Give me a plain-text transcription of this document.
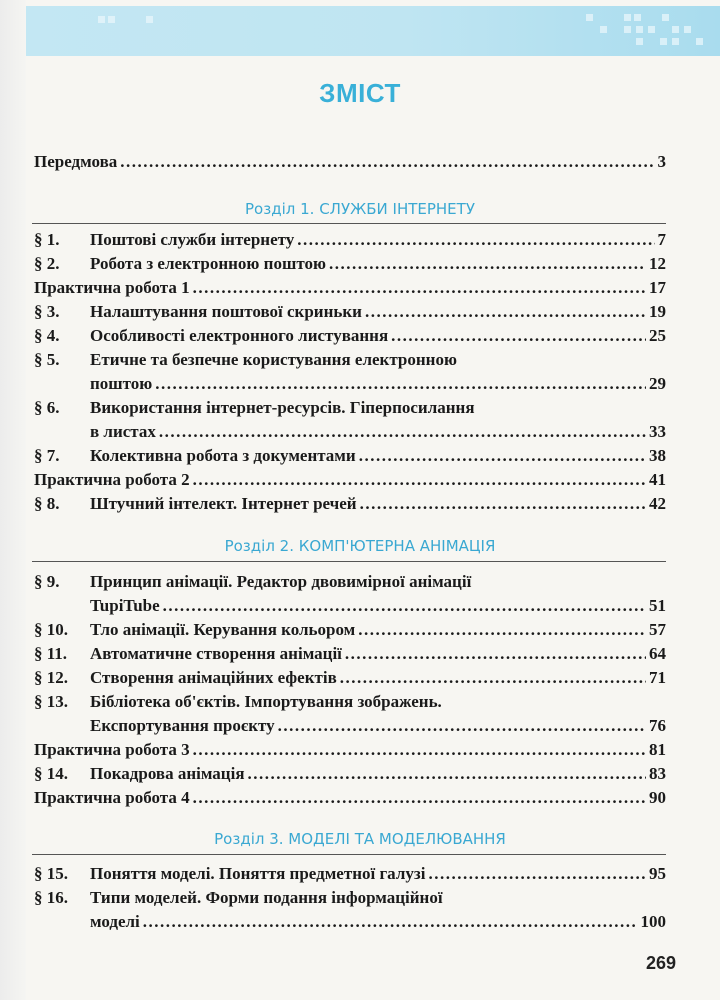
ЗМІСТ
Передмова .....	3
Розділ 1. СЛУЖБИ ІНТЕРНЕТУ
§ 1. Поштові служби інтернету .....	7
§ 2. Робота з електронною поштою .....	12
Практична робота 1 .....	17
§ 3. Налаштування поштової скриньки .....	19
§ 4. Особливості електронного листування .....	25
§ 5. Етичне та безпечне користування електронною
поштою .....	29
§ 6. Використання інтернет-ресурсів. Гіперпосилання
в листах .....	33
§ 7. Колективна робота з документами .....	38
Практична робота 2 .....	41
§ 8. Штучний інтелект. Інтернет речей .....	42
Розділ 2. КОМП'ЮТЕРНА АНІМАЦІЯ
§ 9. Принцип анімації. Редактор двовимірної анімації
TupiTube .....	51
§ 10. Тло анімації. Керування кольором .....	57
§ 11. Автоматичне створення анімації .....	64
§ 12. Створення анімаційних ефектів .....	71
§ 13. Бібліотека об'єктів. Імпортування зображень.
Експортування проєкту .....	76
Практична робота 3 .....	81
§ 14. Покадрова анімація .....	83
Практична робота 4 .....	90
Розділ 3. МОДЕЛІ ТА МОДЕЛЮВАННЯ
§ 15. Поняття моделі. Поняття предметної галузі .....	95
§ 16. Типи моделей. Форми подання інформаційної
моделі .....	100
269
